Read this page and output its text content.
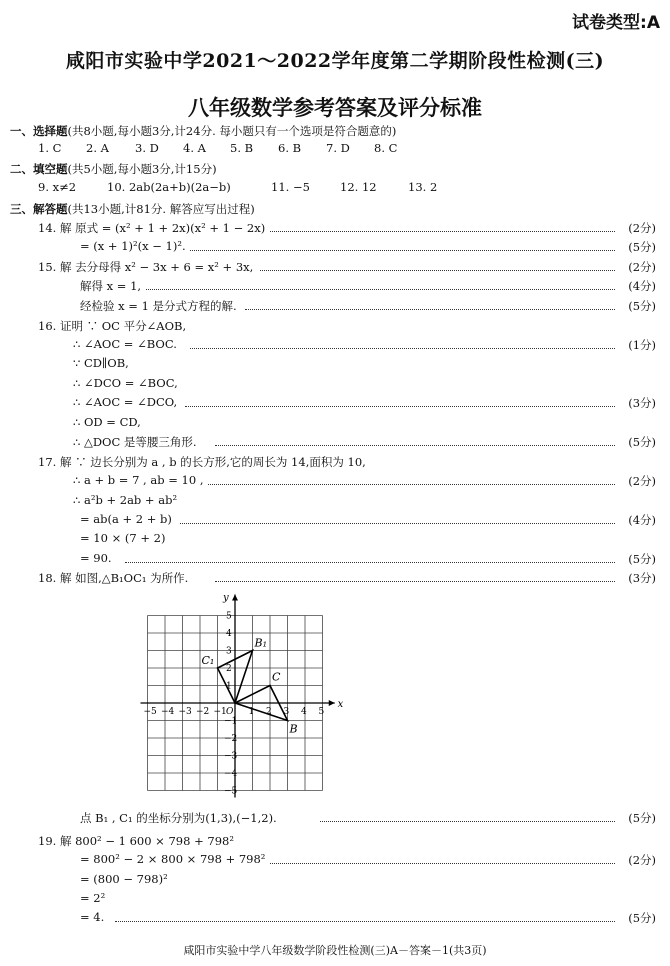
试卷类型:A
咸阳市实验中学2021～2022学年度第二学期阶段性检测(三)
八年级数学参考答案及评分标准
一、选择题(共8小题,每小题3分,计24分. 每小题只有一个选项是符合题意的)
1. C 2. A 3. D 4. A 5. B 6. B 7. D 8. C
二、填空题(共5小题,每小题3分,计15分)
9. x≠2	10. 2ab(2a+b)(2a−b)	11. −5	12. 12	13. 2
三、解答题(共13小题,计81分. 解答应写出过程)
14. 解 原式 = (x² + 1 + 2x)(x² + 1 − 2x)	(2分)
= (x + 1)²(x − 1)².	(5分)
15. 解 去分母得 x² − 3x + 6 = x² + 3x,	(2分)
解得 x = 1,	(4分)
经检验 x = 1 是分式方程的解.	(5分)
16. 证明 ∵ OC 平分∠AOB,
∴ ∠AOC = ∠BOC.	(1分)
∵ CD∥OB,
∴ ∠DCO = ∠BOC,
∴ ∠AOC = ∠DCO,	(3分)
∴ OD = CD,
∴ △DOC 是等腰三角形.	(5分)
17. 解 ∵ 边长分别为 a , b 的长方形,它的周长为 14,面积为 10,
∴ a + b = 7 , ab = 10 ,	(2分)
∴ a²b + 2ab + ab²
= ab(a + 2 + b)	(4分)
= 10 × (7 + 2)
= 90.	(5分)
18. 解 如图,△B₁OC₁ 为所作.	(3分)
x
y
−5 −4 −3 −2 −1 O 1 2 3 4 5
1
2
3
4
5
−1
−2
−3
−4
−5
B
C
B₁
C₁
点 B₁ , C₁ 的坐标分别为(1,3),(−1,2).	(5分)
19. 解 800² − 1 600 × 798 + 798²
= 800² − 2 × 800 × 798 + 798²	(2分)
= (800 − 798)²
= 2²
= 4.	(5分)
咸阳市实验中学八年级数学阶段性检测(三)A－答案－1(共3页)
